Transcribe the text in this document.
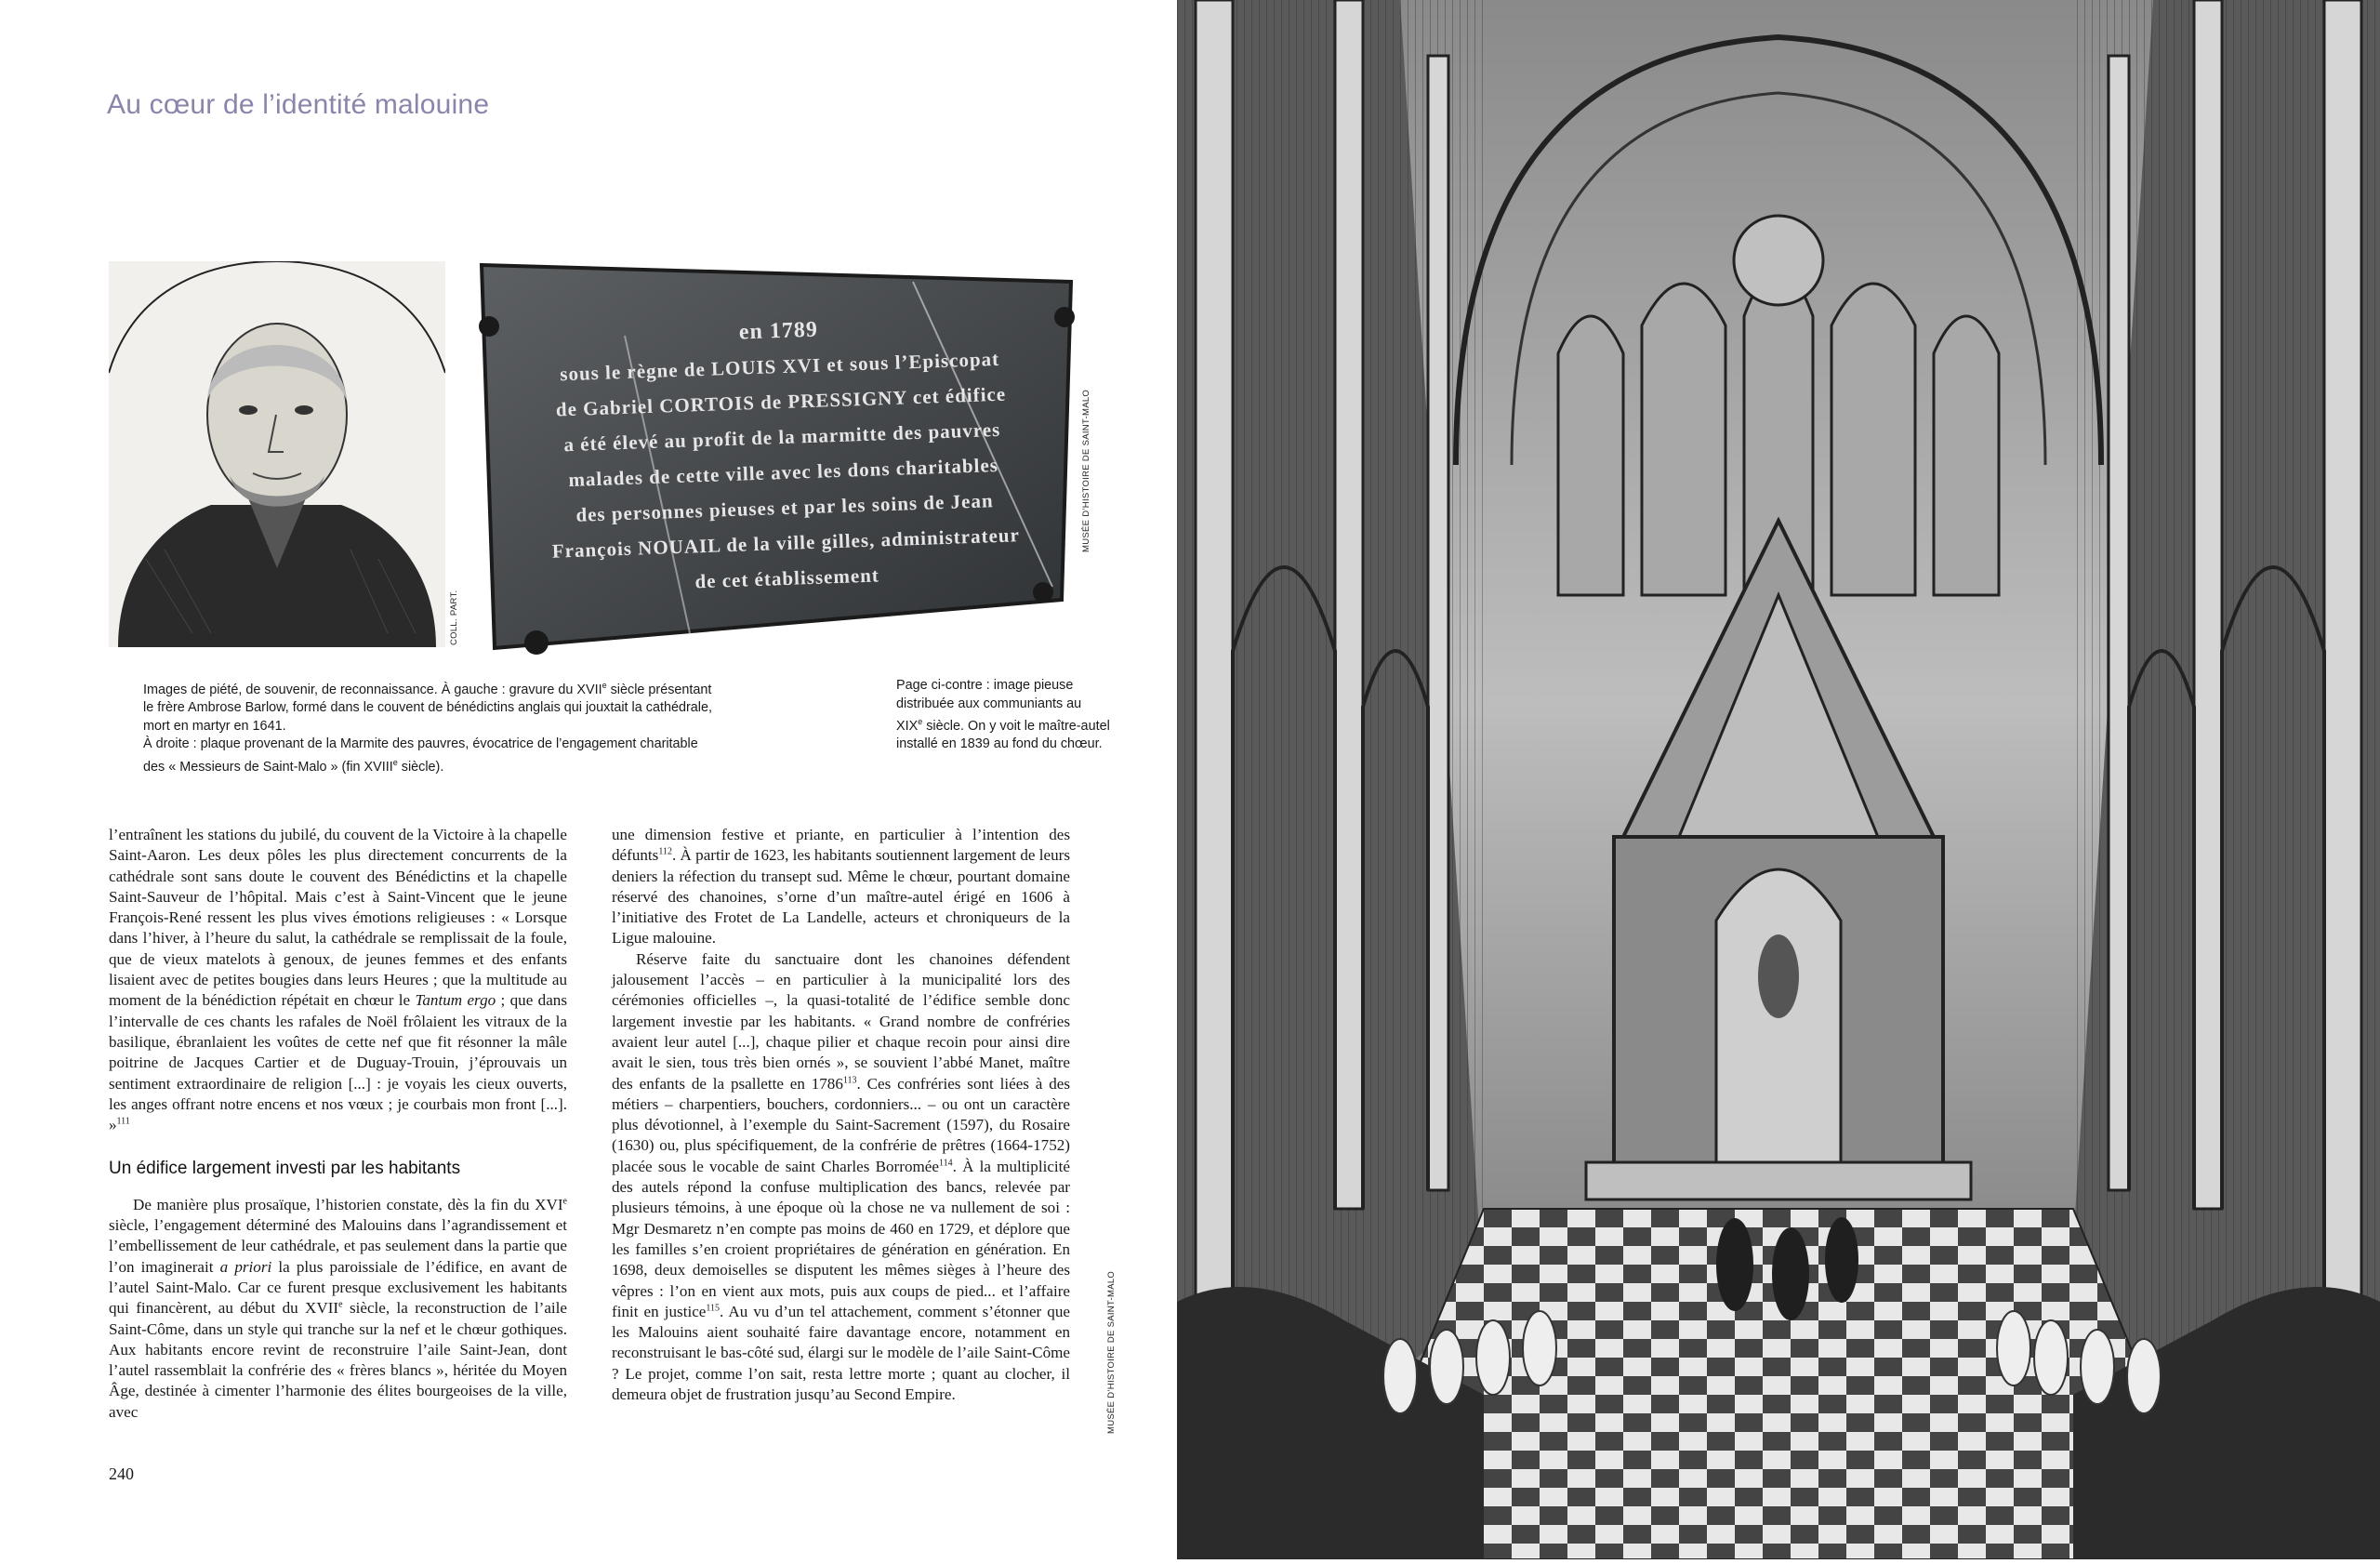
Au cœur de l’identité malouine
COLL. PART.
en 1789
sous le règne de LOUIS XVI et sous l’Episcopat
de Gabriel CORTOIS de PRESSIGNY cet édifice
a été élevé au profit de la marmitte des pauvres
malades de cette ville avec les dons charitables
des personnes pieuses et par les soins de Jean
François NOUAIL de la ville gilles, administrateur
de cet établissement
MUSÉE D’HISTOIRE DE SAINT-MALO

Images de piété, de souvenir, de reconnaissance. À gauche : gravure du XVIIe siècle présentant le frère Ambrose Barlow, formé dans le couvent de bénédictins anglais qui jouxtait la cathédrale, mort en martyr en 1641.

À droite : plaque provenant de la Marmite des pauvres, évocatrice de l’engagement charitable des « Messieurs de Saint-Malo » (fin XVIIIe siècle).

Page ci-contre : image pieuse distribuée aux communiants au XIXe siècle. On y voit le maître-autel installé en 1839 au fond du chœur.

l’entraînent les stations du jubilé, du couvent de la Victoire à la chapelle Saint-Aaron. Les deux pôles les plus directement concurrents de la cathédrale sont sans doute le couvent des Bénédictins et la chapelle Saint-Sauveur de l’hôpital. Mais c’est à Saint-Vincent que le jeune François-René ressent les plus vives émotions religieuses : « Lorsque dans l’hiver, à l’heure du salut, la cathédrale se remplissait de la foule, que de vieux matelots à genoux, de jeunes femmes et des enfants lisaient avec de petites bougies dans leurs Heures ; que la multitude au moment de la bénédiction répétait en chœur le Tantum ergo ; que dans l’intervalle de ces chants les rafales de Noël frôlaient les vitraux de la basilique, ébranlaient les voûtes de cette nef que fit résonner la mâle poitrine de Jacques Cartier et de Duguay-Trouin, j’éprouvais un sentiment extraordinaire de religion [...] : je voyais les cieux ouverts, les anges offrant notre encens et nos vœux ; je courbais mon front [...]. »$^{111}$

Un édifice largement investi par les habitants

De manière plus prosaïque, l’historien constate, dès la fin du XVIe siècle, l’engagement déterminé des Malouins dans l’agrandissement et l’embellissement de leur cathédrale, et pas seulement dans la partie que l’on imaginerait a priori la plus paroissiale de l’édifice, en avant de l’autel Saint-Malo. Car ce furent presque exclusivement les habitants qui financèrent, au début du XVIIe siècle, la reconstruction de l’aile Saint-Côme, dans un style qui tranche sur la nef et le chœur gothiques. Aux habitants encore revint de reconstruire l’aile Saint-Jean, dont l’autel rassemblait la confrérie des « frères blancs », héritée du Moyen Âge, destinée à cimenter l’harmonie des élites bourgeoises de la ville, avec

une dimension festive et priante, en particulier à l’intention des défunts$^{112}$. À partir de 1623, les habitants soutiennent largement de leurs deniers la réfection du transept sud. Même le chœur, pourtant domaine réservé des chanoines, s’orne d’un maître-autel érigé en 1606 à l’initiative des Frotet de La Landelle, acteurs et chroniqueurs de la Ligue malouine.

Réserve faite du sanctuaire dont les chanoines défendent jalousement l’accès – en particulier à la municipalité lors des cérémonies officielles –, la quasi-totalité de l’édifice semble donc largement investie par les habitants. « Grand nombre de confréries avaient leur autel [...], chaque pilier et chaque recoin pour ainsi dire avait le sien, tous très bien ornés », se souvient l’abbé Manet, maître des enfants de la psallette en 1786$^{113}$. Ces confréries sont liées à des métiers – charpentiers, bouchers, cordonniers... – ou ont un caractère plus dévotionnel, à l’exemple du Saint-Sacrement (1597), du Rosaire (1630) ou, plus spécifiquement, de la confrérie de prêtres (1664-1752) placée sous le vocable de saint Charles Borromée$^{114}$. À la multiplicité des autels répond la confuse multiplication des bancs, relevée par plusieurs témoins, à une époque où la chose ne va nullement de soi : Mgr Desmaretz n’en compte pas moins de 460 en 1729, et déplore que les familles s’en croient propriétaires de génération en génération. En 1698, deux demoiselles se disputent les mêmes sièges à l’heure des vêpres : l’on en vient aux mots, puis aux coups de pied... et l’affaire finit en justice$^{115}$. Au vu d’un tel attachement, comment s’étonner que les Malouins aient souhaité faire davantage encore, notamment en reconstruisant le bas-côté sud, élargi sur le modèle de l’aile Saint-Côme ? Le projet, comme l’on sait, resta lettre morte ; quant au clocher, il demeura objet de frustration jusqu’au Second Empire.	MUSÉE D’HISTOIRE DE SAINT-MALO
240
